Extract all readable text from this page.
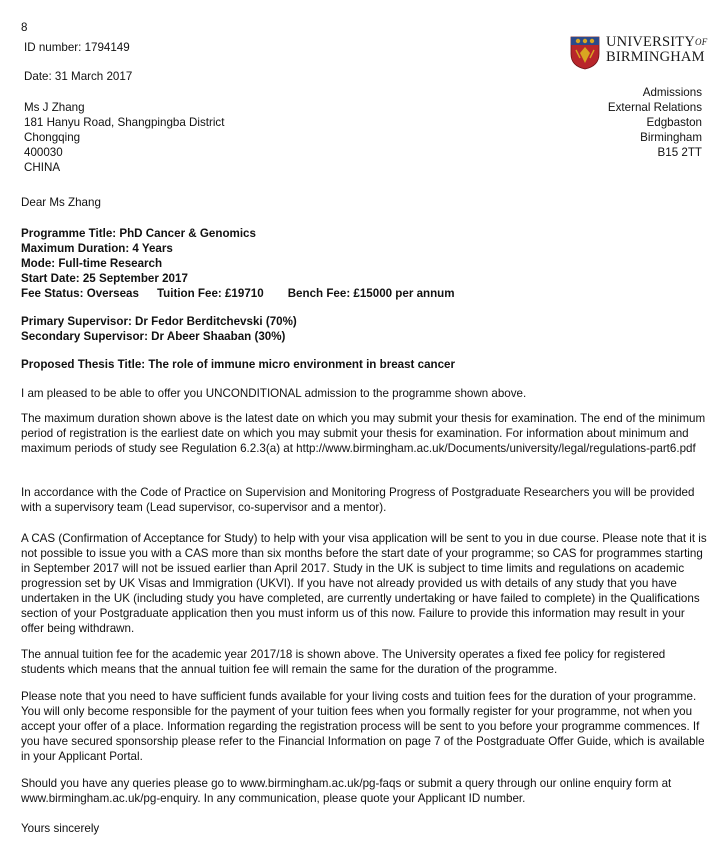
8
ID number: 1794149
Date: 31 March 2017
Ms J Zhang
181 Hanyu Road, Shangpingba District
Chongqing
400030
CHINA
$UNIVERSITY^{OF}$
BIRMINGHAM
Admissions
External Relations
Edgbaston
Birmingham
B15 2TT
Dear Ms Zhang
Programme Title: PhD Cancer & Genomics
Maximum Duration: 4 Years
Mode: Full-time Research
Start Date: 25 September 2017
Fee Status: Overseas Tuition Fee: £19710 Bench Fee: £15000 per annum
Primary Supervisor: Dr Fedor Berditchevski (70%)
Secondary Supervisor: Dr Abeer Shaaban (30%)
Proposed Thesis Title: The role of immune micro environment in breast cancer
I am pleased to be able to offer you UNCONDITIONAL admission to the programme shown above.
The maximum duration shown above is the latest date on which you may submit your thesis for examination. The end of the minimum period of registration is the earliest date on which you may submit your thesis for examination. For information about minimum and maximum periods of study see Regulation 6.2.3(a) at http://www.birmingham.ac.uk/Documents/university/legal/regulations-part6.pdf
In accordance with the Code of Practice on Supervision and Monitoring Progress of Postgraduate Researchers you will be provided with a supervisory team (Lead supervisor, co-supervisor and a mentor).
A CAS (Confirmation of Acceptance for Study) to help with your visa application will be sent to you in due course. Please note that it is not possible to issue you with a CAS more than six months before the start date of your programme; so CAS for programmes starting in September 2017 will not be issued earlier than April 2017. Study in the UK is subject to time limits and regulations on academic progression set by UK Visas and Immigration (UKVI). If you have not already provided us with details of any study that you have undertaken in the UK (including study you have completed, are currently undertaking or have failed to complete) in the Qualifications section of your Postgraduate application then you must inform us of this now. Failure to provide this information may result in your offer being withdrawn.
The annual tuition fee for the academic year 2017/18 is shown above. The University operates a fixed fee policy for registered students which means that the annual tuition fee will remain the same for the duration of the programme.
Please note that you need to have sufficient funds available for your living costs and tuition fees for the duration of your programme. You will only become responsible for the payment of your tuition fees when you formally register for your programme, not when you accept your offer of a place. Information regarding the registration process will be sent to you before your programme commences. If you have secured sponsorship please refer to the Financial Information on page 7 of the Postgraduate Offer Guide, which is available in your Applicant Portal.
Should you have any queries please go to www.birmingham.ac.uk/pg-faqs or submit a query through our online enquiry form at www.birmingham.ac.uk/pg-enquiry. In any communication, please quote your Applicant ID number.
Yours sincerely
